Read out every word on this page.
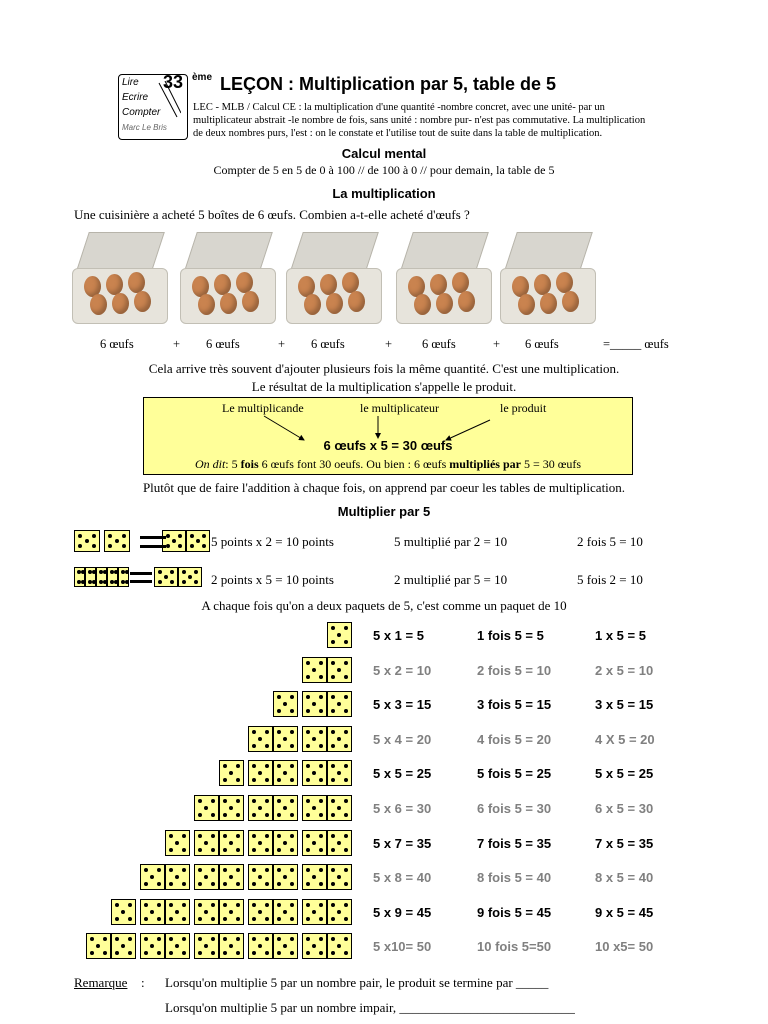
Lire
Ecrire
Compter
Marc Le Bris
33 ème LEÇON : Multiplication par 5, table de 5
LEC - MLB / Calcul CE : la multiplication d'une quantité -nombre concret, avec une unité- par un
multiplicateur abstrait -le nombre de fois, sans unité : nombre pur- n'est pas commutative. La multiplication
de deux nombres purs, l'est : on le constate et l'utilise tout de suite dans la table de multiplication.
Calcul mental
Compter de 5 en 5 de 0 à 100 // de 100 à 0 // pour demain, la table de 5
La multiplication
Une cuisinière a acheté 5 boîtes de 6 œufs. Combien a-t-elle acheté d'œufs ?
6 œufs	+ 6 œufs	+ 6 œufs	+ 6 œufs	+ 6 œufs	=_____ œufs
Cela arrive très souvent d'ajouter plusieurs fois la même quantité. C'est une multiplication.
Le résultat de la multiplication s'appelle le produit.
Le multiplicande	le multiplicateur	le produit
6 œufs x 5 = 30 œufs
On dit: 5 fois 6 œufs font 30 oeufs. Ou bien : 6 œufs multipliés par 5 = 30 œufs
Plutôt que de faire l'addition à chaque fois, on apprend par coeur les tables de multiplication.
Multiplier par 5
5 points x 2 = 10 points	5 multiplié par 2 = 10	2 fois 5 = 10
2 points x 5 = 10 points	2 multiplié par 5 = 10	5 fois 2 = 10
A chaque fois qu'on a deux paquets de 5, c'est comme un paquet de 10
5 x 1 = 5	1 fois 5 = 5	1 x 5 = 5
5 x 2 = 10	2 fois 5 = 10	2 x 5 = 10
5 x 3 = 15	3 fois 5 = 15	3 x 5 = 15
5 x 4 = 20	4 fois 5 = 20	4 X 5 = 20
5 x 5 = 25	5 fois 5 = 25	5 x 5 = 25
5 x 6 = 30	6 fois 5 = 30	6 x 5 = 30
5 x 7 = 35	7 fois 5 = 35	7 x 5 = 35
5 x 8 = 40	8 fois 5 = 40	8 x 5 = 40
5 x 9 = 45	9 fois 5 = 45	9 x 5 = 45
5 x10= 50	10 fois 5=50	10 x5= 50
Remarque : Lorsqu'on multiplie 5 par un nombre pair, le produit se termine par _____
Lorsqu'on multiplie 5 par un nombre impair, ___________________________
